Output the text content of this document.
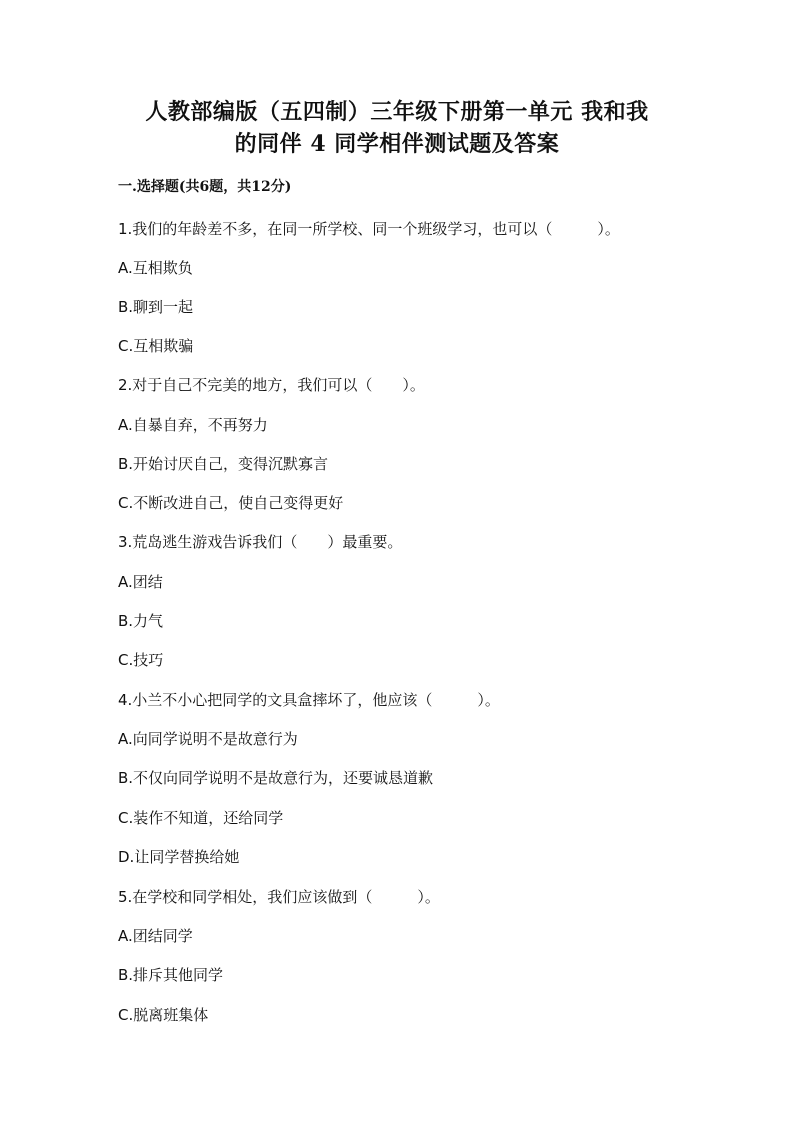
人教部编版（五四制）三年级下册第一单元 我和我
的同伴 4 同学相伴测试题及答案
一.选择题(共6题，共12分)
1.我们的年龄差不多，在同一所学校、同一个班级学习，也可以（　　　）。
A.互相欺负
B.聊到一起
C.互相欺骗
2.对于自己不完美的地方，我们可以（　　）。
A.自暴自弃，不再努力
B.开始讨厌自己，变得沉默寡言
C.不断改进自己，使自己变得更好
3.荒岛逃生游戏告诉我们（　　）最重要。
A.团结
B.力气
C.技巧
4.小兰不小心把同学的文具盒摔坏了，他应该（　　　）。
A.向同学说明不是故意行为
B.不仅向同学说明不是故意行为，还要诚恳道歉
C.装作不知道，还给同学
D.让同学替换给她
5.在学校和同学相处，我们应该做到（　　　）。
A.团结同学
B.排斥其他同学
C.脱离班集体
